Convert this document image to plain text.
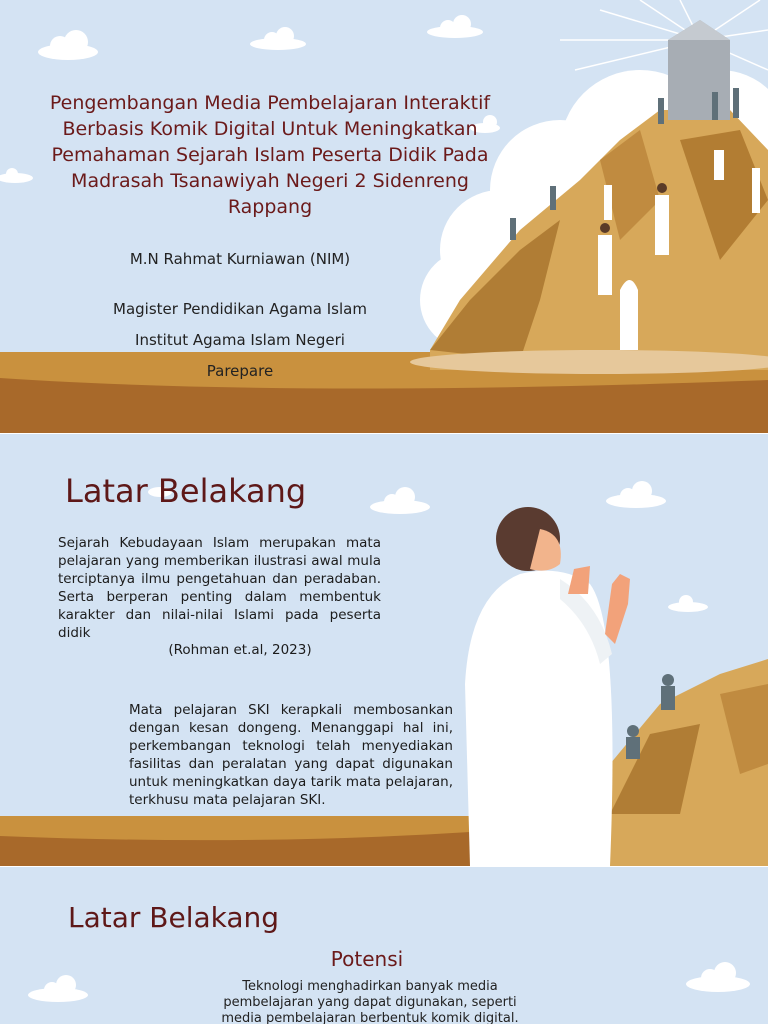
Pengembangan Media Pembelajaran Interaktif Berbasis Komik Digital Untuk Meningkatkan Pemahaman Sejarah Islam Peserta Didik Pada Madrasah Tsanawiyah Negeri 2 Sidenreng Rappang
M.N Rahmat Kurniawan (NIM)
Magister Pendidikan Agama Islam
Institut Agama Islam Negeri
Parepare
Latar Belakang
Sejarah Kebudayaan Islam merupakan mata pelajaran yang memberikan ilustrasi awal mula terciptanya ilmu pengetahuan dan peradaban. Serta berperan penting dalam membentuk karakter dan nilai-nilai Islami pada peserta didik
(Rohman et.al, 2023)
Mata pelajaran SKI kerapkali membosankan dengan kesan dongeng. Menanggapi hal ini, perkembangan teknologi telah menyediakan fasilitas dan peralatan yang dapat digunakan untuk meningkatkan daya tarik mata pelajaran, terkhusu mata pelajaran SKI.
Latar Belakang
Potensi
Teknologi menghadirkan banyak media pembelajaran yang dapat digunakan, seperti media pembelajaran berbentuk komik digital.
